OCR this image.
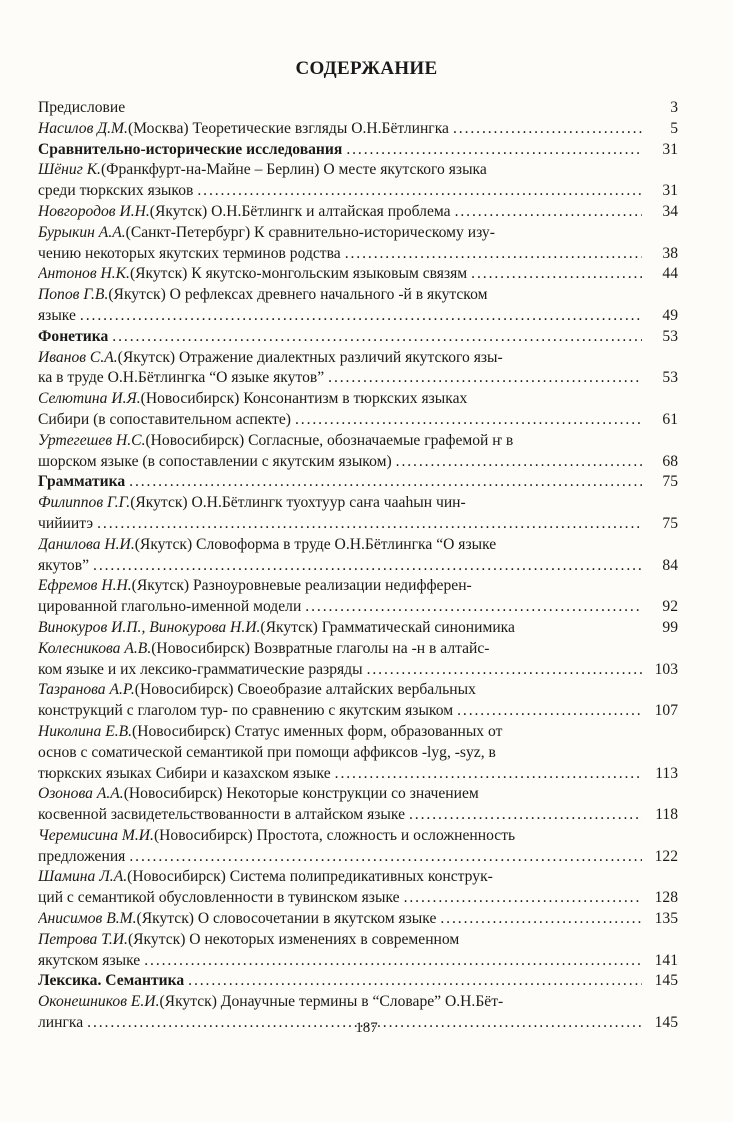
СОДЕРЖАНИЕ
Предисловие	3
Насилов Д.М. (Москва) Теоретические взгляды О.Н.Бётлингка . . .	5
Сравнительно-исторические исследования . . .	31
Шёниг К. (Франкфурт-на-Майне – Берлин) О месте якутского языка
среди тюркских языков . . .	31
Новгородов И.Н. (Якутск) О.Н.Бётлингк и алтайская проблема . . .	34
Бурыкин А.А. (Санкт-Петербург) К сравнительно-историческому изу-
чению некоторых якутских терминов родства . . .	38
Антонов Н.К. (Якутск) К якутско-монгольским языковым связям . . .	44
Попов Г.В. (Якутск) О рефлексах древнего начального -й в якутском
языке . . .	49
Фонетика . . .	53
Иванов С.А. (Якутск) Отражение диалектных различий якутского язы-
ка в труде О.Н.Бётлингка “О языке якутов” . . .	53
Селютина И.Я. (Новосибирск) Консонантизм в тюркских языках
Сибири (в сопоставительном аспекте) . . .	61
Уртегешев Н.С. (Новосибирск) Согласные, обозначаемые графемой ҥ в
шорском языке (в сопоставлении с якутским языком) . . .	68
Грамматика . . .	75
Филиппов Г.Г. (Якутск) О.Н.Бётлингк туохтуур саҥа чааһын чин-
чийиитэ . . .	75
Данилова Н.И. (Якутск) Словоформа в труде О.Н.Бётлингка “О языке
якутов” . . .	84
Ефремов Н.Н. (Якутск) Разноуровневые реализации недифферен-
цированной глагольно-именной модели . . .	92
Винокуров И.П., Винокурова Н.И. (Якутск) Грамматическай синонимика	99
Колесникова А.В. (Новосибирск) Возвратные глаголы на -н в алтайс-
ком языке и их лексико-грамматические разряды . . .	103
Тазранова А.Р. (Новосибирск) Своеобразие алтайских вербальных
конструкций с глаголом тур- по сравнению с якутским языком . . .	107
Николина Е.В. (Новосибирск) Статус именных форм, образованных от
основ с соматической семантикой при помощи аффиксов -lyg, -syz, в
тюркских языках Сибири и казахском языке . . .	113
Озонова А.А. (Новосибирск) Некоторые конструкции со значением
косвенной засвидетельствованности в алтайском языке . . .	118
Черемисина М.И. (Новосибирск) Простота, сложность и осложненность
предложения . . .	122
Шамина Л.А. (Новосибирск) Система полипредикативных конструк-
ций с семантикой обусловленности в тувинском языке . . .	128
Анисимов В.М. (Якутск) О словосочетании в якутском языке . . .	135
Петрова Т.И. (Якутск) О некоторых изменениях в современном
якутском языке . . .	141
Лексика. Семантика . . .	145
Оконешников Е.И. (Якутск) Донаучные термины в “Словаре” О.Н.Бёт-
лингка . . .	145
187
